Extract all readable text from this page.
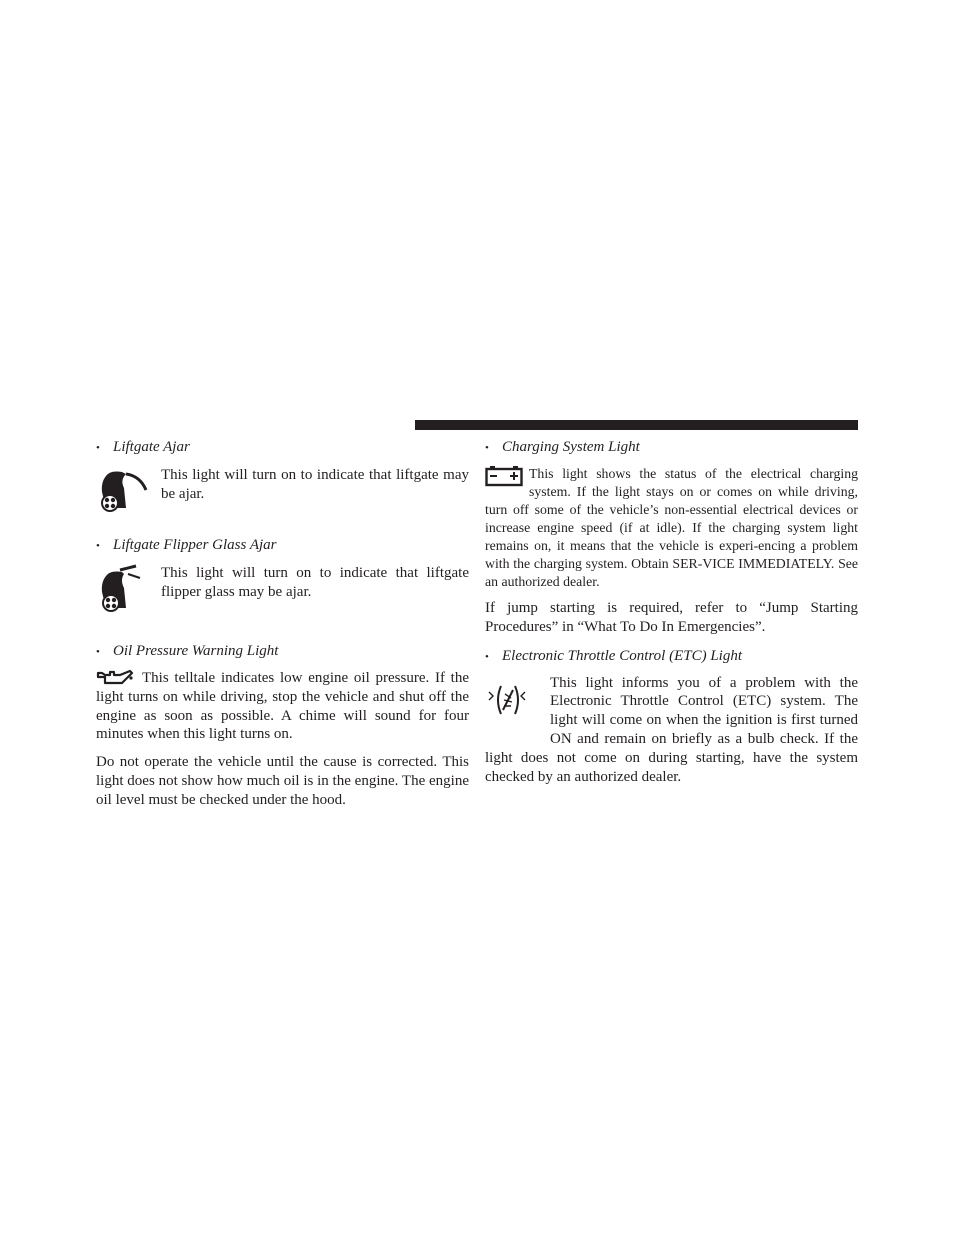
• Liftgate Ajar

This light will turn on to indicate that liftgate may be ajar.

• Liftgate Flipper Glass Ajar

This light will turn on to indicate that liftgate flipper glass may be ajar.

• Oil Pressure Warning Light

This telltale indicates low engine oil pressure. If the light turns on while driving, stop the vehicle and shut off the engine as soon as possible. A chime will sound for four minutes when this light turns on.

Do not operate the vehicle until the cause is corrected. This light does not show how much oil is in the engine. The engine oil level must be checked under the hood.

• Charging System Light

This light shows the status of the electrical charging system. If the light stays on or comes on while driving, turn off some of the vehicle’s non-essential electrical devices or increase engine speed (if at idle). If the charging system light remains on, it means that the vehicle is experi-encing a problem with the charging system. Obtain SER-VICE IMMEDIATELY. See an authorized dealer.

If jump starting is required, refer to “Jump Starting Procedures” in “What To Do In Emergencies”.

• Electronic Throttle Control (ETC) Light

This light informs you of a problem with the Electronic Throttle Control (ETC) system. The light will come on when the ignition is first turned ON and remain on briefly as a bulb check. If the light does not come on during starting, have the system checked by an authorized dealer.
